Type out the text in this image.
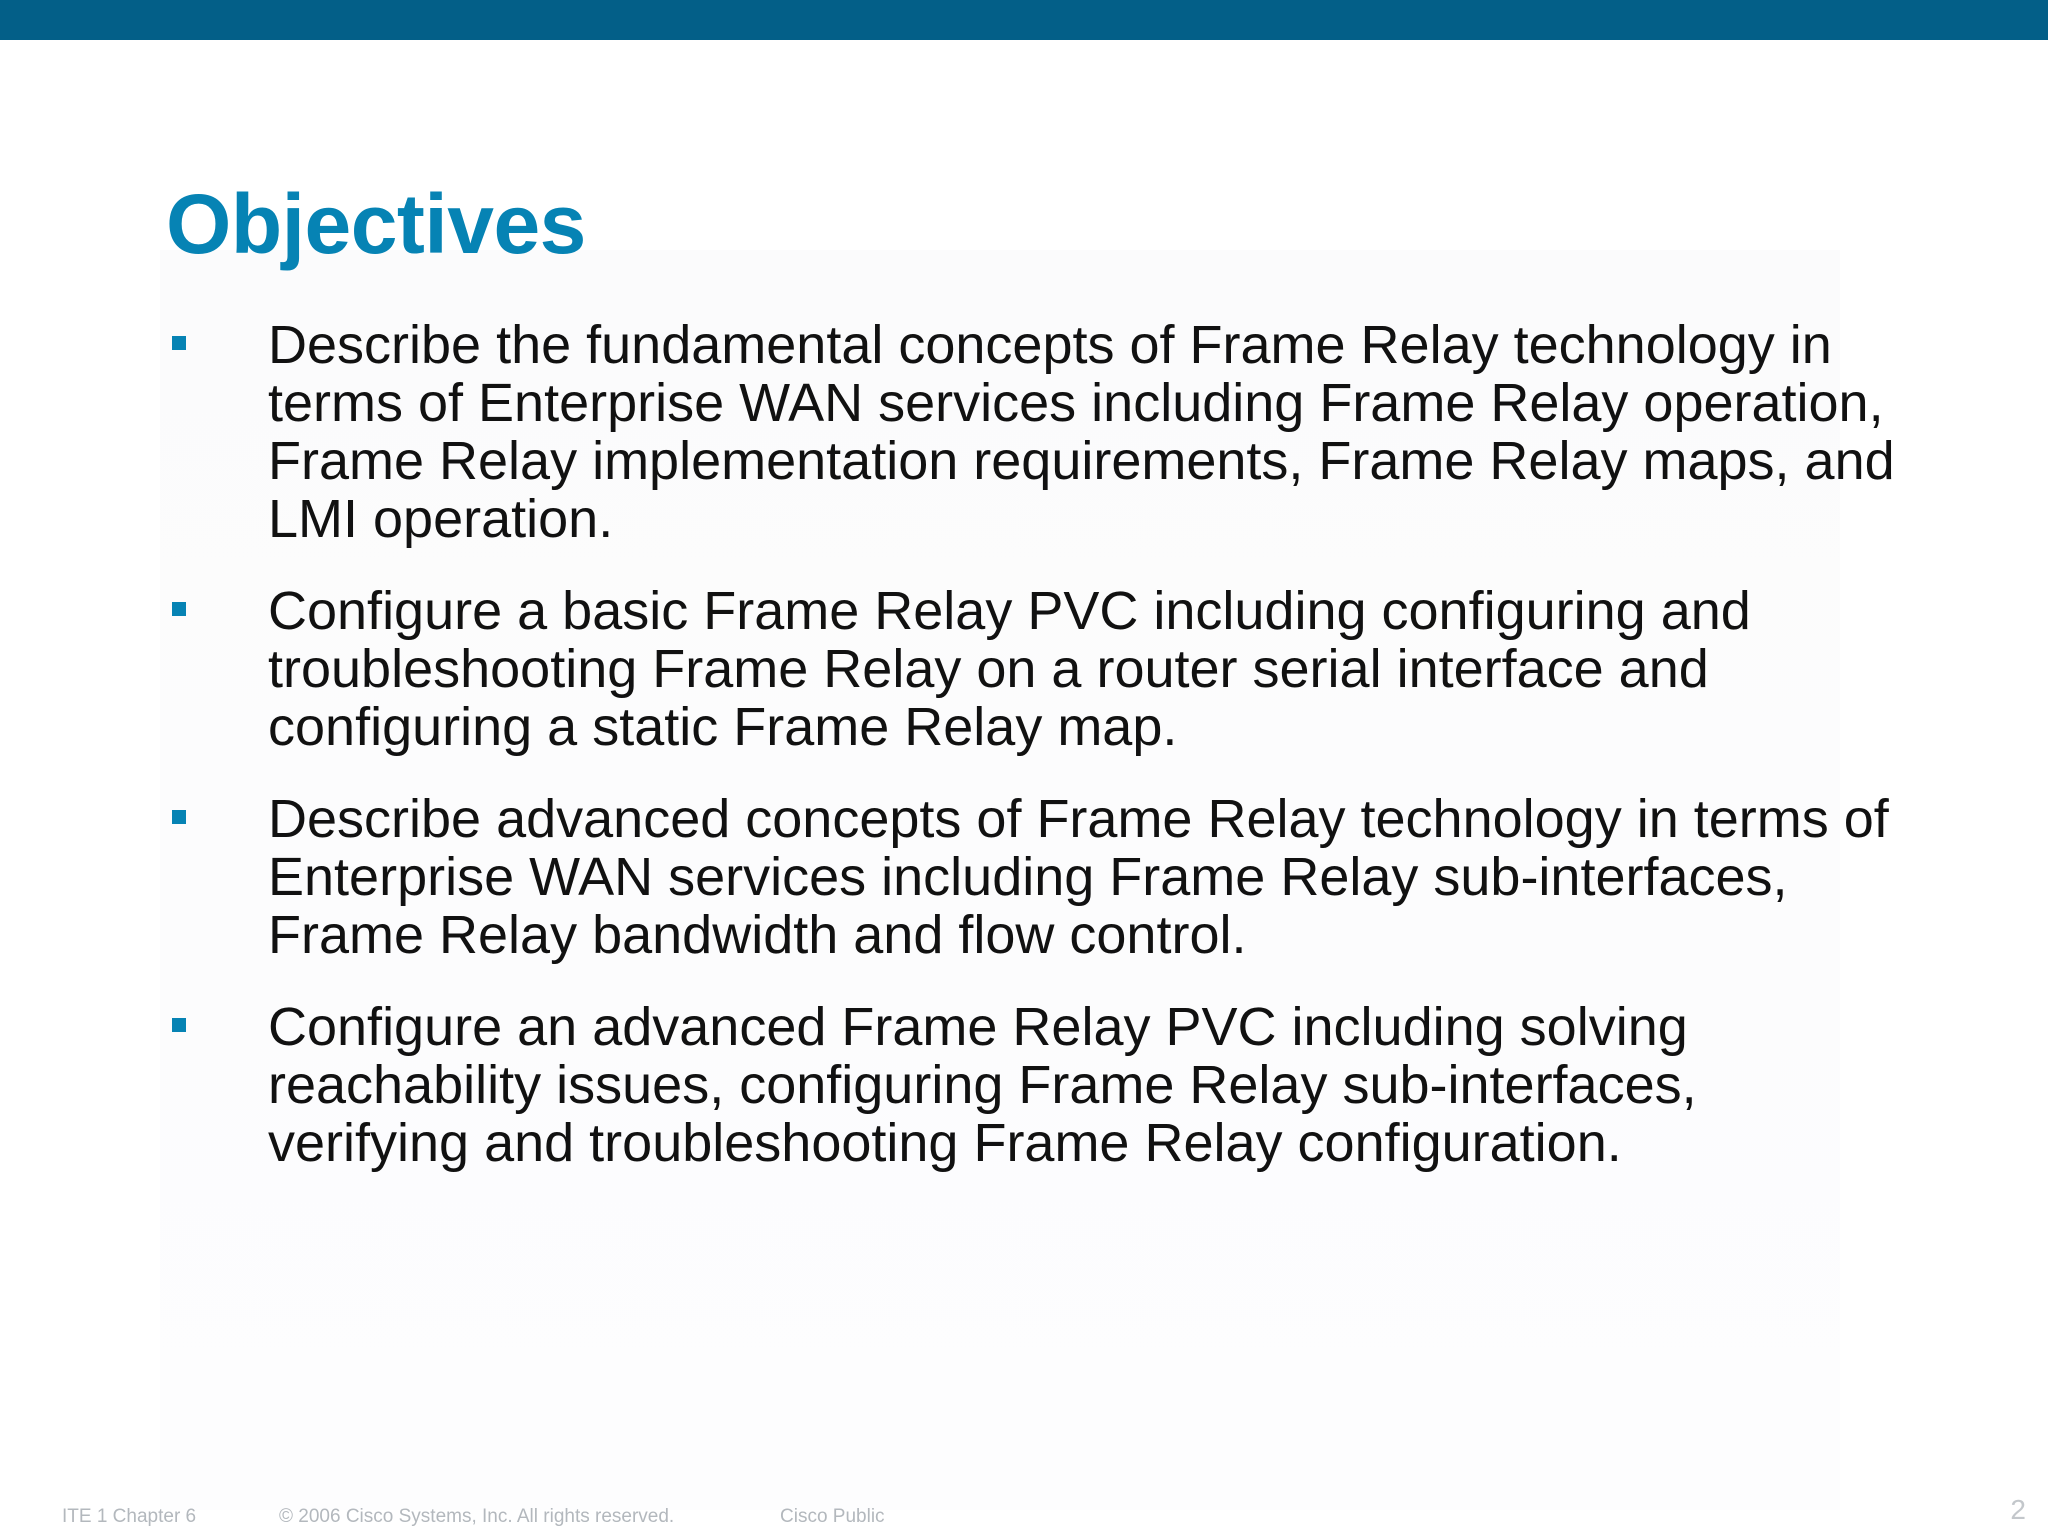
Objectives
Describe the fundamental concepts of Frame Relay technology in terms of Enterprise WAN services including Frame Relay operation, Frame Relay implementation requirements, Frame Relay maps, and LMI operation.
Configure a basic Frame Relay PVC including configuring and troubleshooting Frame Relay on a router serial interface and configuring a static Frame Relay map.
Describe advanced concepts of Frame Relay technology in terms of Enterprise WAN services including Frame Relay sub-interfaces, Frame Relay bandwidth and flow control.
Configure an advanced Frame Relay PVC including solving reachability issues, configuring Frame Relay sub-interfaces, verifying and troubleshooting Frame Relay configuration.
ITE 1 Chapter 6	© 2006 Cisco Systems, Inc. All rights reserved.	Cisco Public	2
